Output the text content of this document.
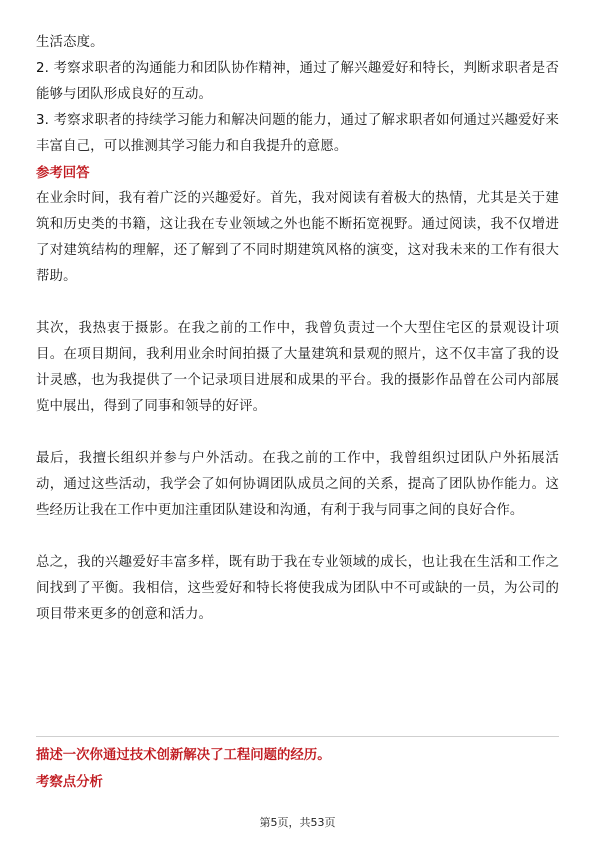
生活态度。

2. 考察求职者的沟通能力和团队协作精神，通过了解兴趣爱好和特长，判断求职者是否能够与团队形成良好的互动。

3. 考察求职者的持续学习能力和解决问题的能力，通过了解求职者如何通过兴趣爱好来丰富自己，可以推测其学习能力和自我提升的意愿。

参考回答

在业余时间，我有着广泛的兴趣爱好。首先，我对阅读有着极大的热情，尤其是关于建筑和历史类的书籍，这让我在专业领域之外也能不断拓宽视野。通过阅读，我不仅增进了对建筑结构的理解，还了解到了不同时期建筑风格的演变，这对我未来的工作有很大帮助。

其次，我热衷于摄影。在我之前的工作中，我曾负责过一个大型住宅区的景观设计项目。在项目期间，我利用业余时间拍摄了大量建筑和景观的照片，这不仅丰富了我的设计灵感，也为我提供了一个记录项目进展和成果的平台。我的摄影作品曾在公司内部展览中展出，得到了同事和领导的好评。

最后，我擅长组织并参与户外活动。在我之前的工作中，我曾组织过团队户外拓展活动，通过这些活动，我学会了如何协调团队成员之间的关系，提高了团队协作能力。这些经历让我在工作中更加注重团队建设和沟通，有利于我与同事之间的良好合作。

总之，我的兴趣爱好丰富多样，既有助于我在专业领域的成长，也让我在生活和工作之间找到了平衡。我相信，这些爱好和特长将使我成为团队中不可或缺的一员，为公司的项目带来更多的创意和活力。

描述一次你通过技术创新解决了工程问题的经历。
考察点分析
第5页，共53页
